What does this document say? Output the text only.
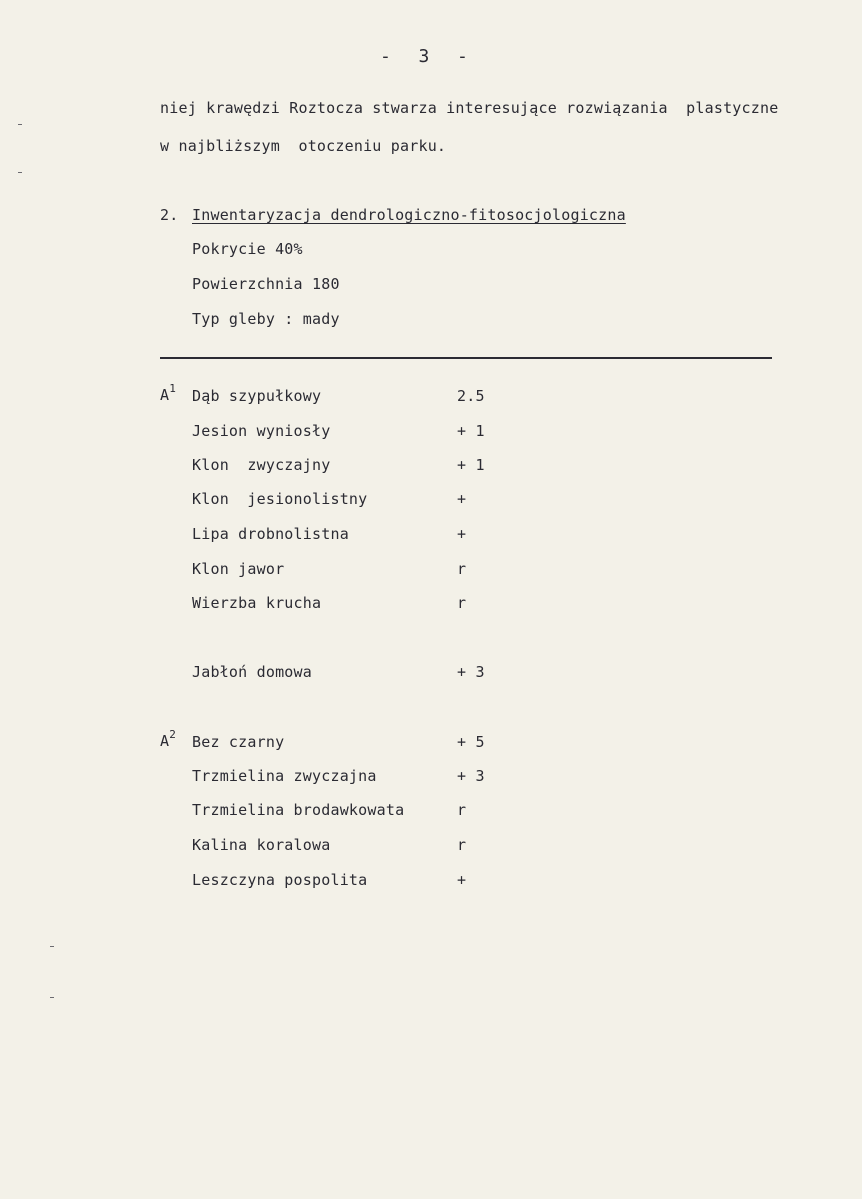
-  3  -
niej krawędzi Roztocza stwarza interesujące rozwiązania  plastyczne
w najbliższym  otoczeniu parku.
2. Inwentaryzacja dendrologiczno-fitosocjologiczna
Pokrycie 40%
Powierzchnia 180
Typ gleby : mady
$A^1$ Dąb szypułkowy	2.5
Jesion wyniosły	+ 1
Klon  zwyczajny	+ 1
Klon  jesionolistny	+
Lipa drobnolistna	+
Klon jawor	r
Wierzba krucha	r
Jabłoń domowa	+ 3
$A^2$ Bez czarny	+ 5
Trzmielina zwyczajna	+ 3
Trzmielina brodawkowata	r
Kalina koralowa	r
Leszczyna pospolita	+
